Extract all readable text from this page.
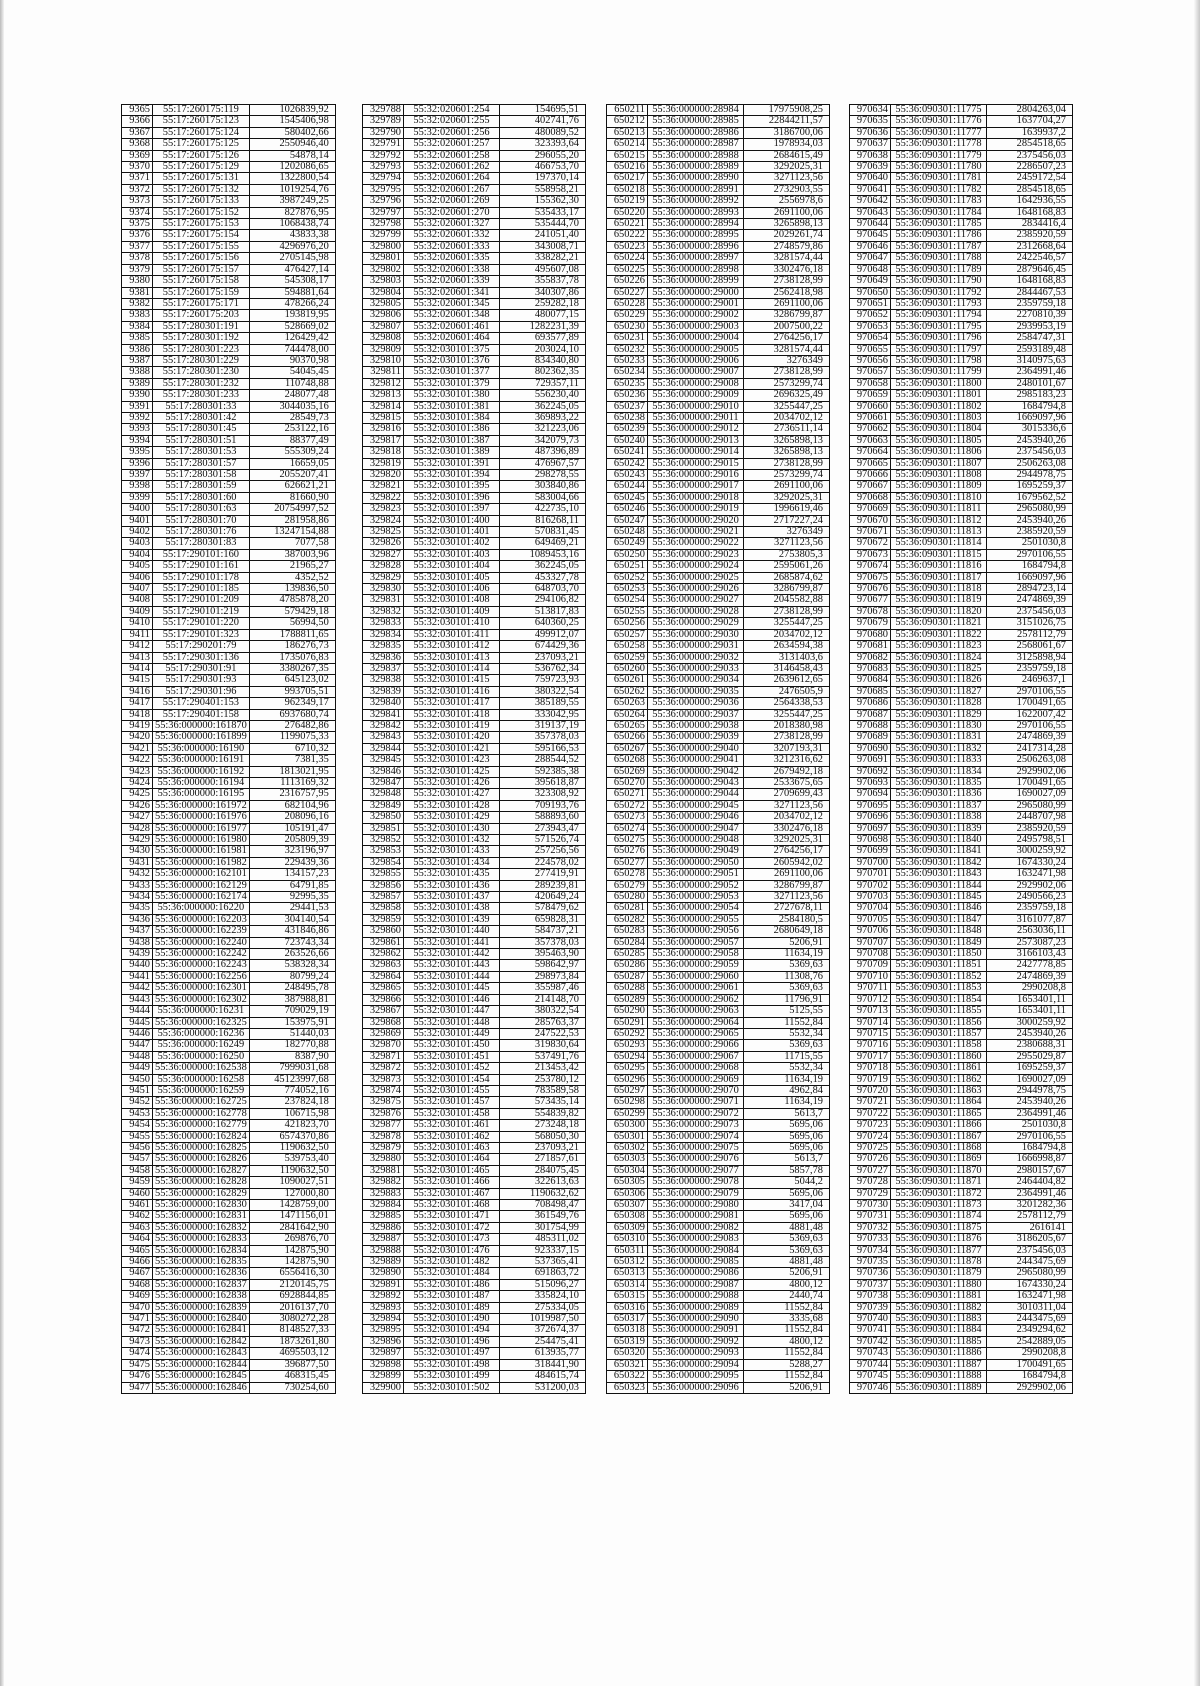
9365	55:17:260175:119	1026839,92
9366	55:17:260175:123	1545406,98
9367	55:17:260175:124	580402,66
9368	55:17:260175:125	2550946,40
9369	55:17:260175:126	54878,14
9370	55:17:260175:129	1202086,65
9371	55:17:260175:131	1322800,54
9372	55:17:260175:132	1019254,76
9373	55:17:260175:133	3987249,25
9374	55:17:260175:152	827876,95
9375	55:17:260175:153	1068438,74
9376	55:17:260175:154	43833,38
9377	55:17:260175:155	4296976,20
9378	55:17:260175:156	2705145,98
9379	55:17:260175:157	476427,14
9380	55:17:260175:158	545308,17
9381	55:17:260175:159	594881,64
9382	55:17:260175:171	478266,24
9383	55:17:260175:203	193819,95
9384	55:17:280301:191	528669,02
9385	55:17:280301:192	126429,42
9386	55:17:280301:223	744478,00
9387	55:17:280301:229	90370,98
9388	55:17:280301:230	54045,45
9389	55:17:280301:232	110748,88
9390	55:17:280301:233	248077,48
9391	55:17:280301:33	3044035,16
9392	55:17:280301:42	28549,73
9393	55:17:280301:45	253122,16
9394	55:17:280301:51	88377,49
9395	55:17:280301:53	555309,24
9396	55:17:280301:57	16659,05
9397	55:17:280301:58	2055207,41
9398	55:17:280301:59	626621,21
9399	55:17:280301:60	81660,90
9400	55:17:280301:63	20754997,52
9401	55:17:280301:70	281958,86
9402	55:17:280301:76	13247154,88
9403	55:17:280301:83	7077,58
9404	55:17:290101:160	387003,96
9405	55:17:290101:161	21965,27
9406	55:17:290101:178	4352,52
9407	55:17:290101:185	139836,50
9408	55:17:290101:209	4785878,20
9409	55:17:290101:219	579429,18
9410	55:17:290101:220	56994,50
9411	55:17:290101:323	1788811,65
9412	55:17:290201:79	186276,73
9413	55:17:290301:136	1735076,83
9414	55:17:290301:91	3380267,35
9415	55:17:290301:93	645123,02
9416	55:17:290301:96	993705,51
9417	55:17:290401:153	962349,17
9418	55:17:290401:158	6937680,74
9419	55:36:000000:161870	276482,86
9420	55:36:000000:161899	1199075,33
9421	55:36:000000:16190	6710,32
9422	55:36:000000:16191	7381,35
9423	55:36:000000:16192	1813021,95
9424	55:36:000000:16194	1113169,32
9425	55:36:000000:16195	2316757,95
9426	55:36:000000:161972	682104,96
9427	55:36:000000:161976	208096,16
9428	55:36:000000:161977	105191,47
9429	55:36:000000:161980	205809,39
9430	55:36:000000:161981	323196,97
9431	55:36:000000:161982	229439,36
9432	55:36:000000:162101	134157,23
9433	55:36:000000:162129	64791,85
9434	55:36:000000:162174	92995,35
9435	55:36:000000:16220	29441,53
9436	55:36:000000:162203	304140,54
9437	55:36:000000:162239	431846,86
9438	55:36:000000:162240	723743,34
9439	55:36:000000:162242	263526,66
9440	55:36:000000:162243	538328,34
9441	55:36:000000:162256	80799,24
9442	55:36:000000:162301	248495,78
9443	55:36:000000:162302	387988,81
9444	55:36:000000:16231	709029,19
9445	55:36:000000:162325	153975,91
9446	55:36:000000:16236	51440,03
9447	55:36:000000:16249	182770,88
9448	55:36:000000:16250	8387,90
9449	55:36:000000:162538	7999031,68
9450	55:36:000000:16258	45123997,68
9451	55:36:000000:16259	774052,16
9452	55:36:000000:162725	237824,18
9453	55:36:000000:162778	106715,98
9454	55:36:000000:162779	421823,70
9455	55:36:000000:162824	6574370,86
9456	55:36:000000:162825	1190632,50
9457	55:36:000000:162826	539753,40
9458	55:36:000000:162827	1190632,50
9459	55:36:000000:162828	1090027,51
9460	55:36:000000:162829	127000,80
9461	55:36:000000:162830	1428759,00
9462	55:36:000000:162831	1471156,01
9463	55:36:000000:162832	2841642,90
9464	55:36:000000:162833	269876,70
9465	55:36:000000:162834	142875,90
9466	55:36:000000:162835	142875,90
9467	55:36:000000:162836	6556416,30
9468	55:36:000000:162837	2120145,75
9469	55:36:000000:162838	6928844,85
9470	55:36:000000:162839	2016137,70
9471	55:36:000000:162840	3080272,28
9472	55:36:000000:162841	8148527,33
9473	55:36:000000:162842	1873261,80
9474	55:36:000000:162843	4695503,12
9475	55:36:000000:162844	396877,50
9476	55:36:000000:162845	468315,45
9477	55:36:000000:162846	730254,60
329788	55:32:020601:254	154695,51
329789	55:32:020601:255	402741,76
329790	55:32:020601:256	480089,52
329791	55:32:020601:257	323393,64
329792	55:32:020601:258	296055,20
329793	55:32:020601:262	466753,70
329794	55:32:020601:264	197370,14
329795	55:32:020601:267	558958,21
329796	55:32:020601:269	155362,30
329797	55:32:020601:270	535433,17
329798	55:32:020601:327	535444,70
329799	55:32:020601:332	241051,40
329800	55:32:020601:333	343008,71
329801	55:32:020601:335	338282,21
329802	55:32:020601:338	495607,08
329803	55:32:020601:339	355837,78
329804	55:32:020601:341	340307,86
329805	55:32:020601:345	259282,18
329806	55:32:020601:348	480077,15
329807	55:32:020601:461	1282231,39
329808	55:32:020601:464	693577,89
329809	55:32:030101:375	203024,10
329810	55:32:030101:376	834340,80
329811	55:32:030101:377	802362,35
329812	55:32:030101:379	729357,11
329813	55:32:030101:380	556230,40
329814	55:32:030101:381	362245,05
329815	55:32:030101:384	369893,22
329816	55:32:030101:386	321223,06
329817	55:32:030101:387	342079,73
329818	55:32:030101:389	487396,89
329819	55:32:030101:391	476967,57
329820	55:32:030101:394	298278,55
329821	55:32:030101:395	303840,86
329822	55:32:030101:396	583004,66
329823	55:32:030101:397	422735,10
329824	55:32:030101:400	816268,11
329825	55:32:030101:401	570831,45
329826	55:32:030101:402	649469,21
329827	55:32:030101:403	1089453,16
329828	55:32:030101:404	362245,05
329829	55:32:030101:405	453327,78
329830	55:32:030101:406	648703,70
329831	55:32:030101:408	294106,82
329832	55:32:030101:409	513817,83
329833	55:32:030101:410	640360,25
329834	55:32:030101:411	499912,07
329835	55:32:030101:412	674429,36
329836	55:32:030101:413	237093,21
329837	55:32:030101:414	536762,34
329838	55:32:030101:415	759723,93
329839	55:32:030101:416	380322,54
329840	55:32:030101:417	385189,55
329841	55:32:030101:418	333042,95
329842	55:32:030101:419	319137,19
329843	55:32:030101:420	357378,03
329844	55:32:030101:421	595166,53
329845	55:32:030101:423	288544,52
329846	55:32:030101:425	592385,38
329847	55:32:030101:426	395618,87
329848	55:32:030101:427	323308,92
329849	55:32:030101:428	709193,76
329850	55:32:030101:429	588893,60
329851	55:32:030101:430	273943,47
329852	55:32:030101:432	571526,74
329853	55:32:030101:433	257256,56
329854	55:32:030101:434	224578,02
329855	55:32:030101:435	277419,91
329856	55:32:030101:436	289239,81
329857	55:32:030101:437	420649,24
329858	55:32:030101:438	578479,62
329859	55:32:030101:439	659828,31
329860	55:32:030101:440	584737,21
329861	55:32:030101:441	357378,03
329862	55:32:030101:442	395463,90
329863	55:32:030101:443	598642,97
329864	55:32:030101:444	298973,84
329865	55:32:030101:445	355987,46
329866	55:32:030101:446	214148,70
329867	55:32:030101:447	380322,54
329868	55:32:030101:448	285763,37
329869	55:32:030101:449	247522,53
329870	55:32:030101:450	319830,64
329871	55:32:030101:451	537491,76
329872	55:32:030101:452	213453,42
329873	55:32:030101:454	253780,12
329874	55:32:030101:455	783589,58
329875	55:32:030101:457	573435,14
329876	55:32:030101:458	554839,82
329877	55:32:030101:461	273248,18
329878	55:32:030101:462	568050,30
329879	55:32:030101:463	237093,21
329880	55:32:030101:464	271857,61
329881	55:32:030101:465	284075,45
329882	55:32:030101:466	322613,63
329883	55:32:030101:467	1190632,62
329884	55:32:030101:468	708498,47
329885	55:32:030101:471	361549,76
329886	55:32:030101:472	301754,99
329887	55:32:030101:473	485311,02
329888	55:32:030101:476	923337,15
329889	55:32:030101:482	537365,41
329890	55:32:030101:484	691863,72
329891	55:32:030101:486	515096,27
329892	55:32:030101:487	335824,10
329893	55:32:030101:489	275334,05
329894	55:32:030101:490	1019987,50
329895	55:32:030101:494	372674,37
329896	55:32:030101:496	254475,41
329897	55:32:030101:497	613935,77
329898	55:32:030101:498	318441,90
329899	55:32:030101:499	484615,74
329900	55:32:030101:502	531200,03
650211	55:36:000000:28984	17975908,25
650212	55:36:000000:28985	22844211,57
650213	55:36:000000:28986	3186700,06
650214	55:36:000000:28987	1978934,03
650215	55:36:000000:28988	2684615,49
650216	55:36:000000:28989	3292025,31
650217	55:36:000000:28990	3271123,56
650218	55:36:000000:28991	2732903,55
650219	55:36:000000:28992	2556978,6
650220	55:36:000000:28993	2691100,06
650221	55:36:000000:28994	3265898,13
650222	55:36:000000:28995	2029261,74
650223	55:36:000000:28996	2748579,86
650224	55:36:000000:28997	3281574,44
650225	55:36:000000:28998	3302476,18
650226	55:36:000000:28999	2738128,99
650227	55:36:000000:29000	2562418,98
650228	55:36:000000:29001	2691100,06
650229	55:36:000000:29002	3286799,87
650230	55:36:000000:29003	2007500,22
650231	55:36:000000:29004	2764256,17
650232	55:36:000000:29005	3281574,44
650233	55:36:000000:29006	3276349
650234	55:36:000000:29007	2738128,99
650235	55:36:000000:29008	2573299,74
650236	55:36:000000:29009	2696325,49
650237	55:36:000000:29010	3255447,25
650238	55:36:000000:29011	2034702,12
650239	55:36:000000:29012	2736511,14
650240	55:36:000000:29013	3265898,13
650241	55:36:000000:29014	3265898,13
650242	55:36:000000:29015	2738128,99
650243	55:36:000000:29016	2573299,74
650244	55:36:000000:29017	2691100,06
650245	55:36:000000:29018	3292025,31
650246	55:36:000000:29019	1996619,46
650247	55:36:000000:29020	2717227,24
650248	55:36:000000:29021	3276349
650249	55:36:000000:29022	3271123,56
650250	55:36:000000:29023	2753805,3
650251	55:36:000000:29024	2595061,26
650252	55:36:000000:29025	2685874,62
650253	55:36:000000:29026	3286799,87
650254	55:36:000000:29027	2045582,88
650255	55:36:000000:29028	2738128,99
650256	55:36:000000:29029	3255447,25
650257	55:36:000000:29030	2034702,12
650258	55:36:000000:29031	2634594,38
650259	55:36:000000:29032	3131403,6
650260	55:36:000000:29033	3146458,43
650261	55:36:000000:29034	2639612,65
650262	55:36:000000:29035	2476505,9
650263	55:36:000000:29036	2564338,53
650264	55:36:000000:29037	3255447,25
650265	55:36:000000:29038	2018380,98
650266	55:36:000000:29039	2738128,99
650267	55:36:000000:29040	3207193,31
650268	55:36:000000:29041	3212316,62
650269	55:36:000000:29042	2679492,18
650270	55:36:000000:29043	2533675,65
650271	55:36:000000:29044	2709699,43
650272	55:36:000000:29045	3271123,56
650273	55:36:000000:29046	2034702,12
650274	55:36:000000:29047	3302476,18
650275	55:36:000000:29048	3292025,31
650276	55:36:000000:29049	2764256,17
650277	55:36:000000:29050	2605942,02
650278	55:36:000000:29051	2691100,06
650279	55:36:000000:29052	3286799,87
650280	55:36:000000:29053	3271123,56
650281	55:36:000000:29054	2727678,11
650282	55:36:000000:29055	2584180,5
650283	55:36:000000:29056	2680649,18
650284	55:36:000000:29057	5206,91
650285	55:36:000000:29058	11634,19
650286	55:36:000000:29059	5369,63
650287	55:36:000000:29060	11308,76
650288	55:36:000000:29061	5369,63
650289	55:36:000000:29062	11796,91
650290	55:36:000000:29063	5125,55
650291	55:36:000000:29064	11552,84
650292	55:36:000000:29065	5532,34
650293	55:36:000000:29066	5369,63
650294	55:36:000000:29067	11715,55
650295	55:36:000000:29068	5532,34
650296	55:36:000000:29069	11634,19
650297	55:36:000000:29070	4962,84
650298	55:36:000000:29071	11634,19
650299	55:36:000000:29072	5613,7
650300	55:36:000000:29073	5695,06
650301	55:36:000000:29074	5695,06
650302	55:36:000000:29075	5695,06
650303	55:36:000000:29076	5613,7
650304	55:36:000000:29077	5857,78
650305	55:36:000000:29078	5044,2
650306	55:36:000000:29079	5695,06
650307	55:36:000000:29080	3417,04
650308	55:36:000000:29081	5695,06
650309	55:36:000000:29082	4881,48
650310	55:36:000000:29083	5369,63
650311	55:36:000000:29084	5369,63
650312	55:36:000000:29085	4881,48
650313	55:36:000000:29086	5206,91
650314	55:36:000000:29087	4800,12
650315	55:36:000000:29088	2440,74
650316	55:36:000000:29089	11552,84
650317	55:36:000000:29090	3335,68
650318	55:36:000000:29091	11552,84
650319	55:36:000000:29092	4800,12
650320	55:36:000000:29093	11552,84
650321	55:36:000000:29094	5288,27
650322	55:36:000000:29095	11552,84
650323	55:36:000000:29096	5206,91
970634	55:36:090301:11775	2804263,04
970635	55:36:090301:11776	1637704,27
970636	55:36:090301:11777	1639937,2
970637	55:36:090301:11778	2854518,65
970638	55:36:090301:11779	2375456,03
970639	55:36:090301:11780	2286507,23
970640	55:36:090301:11781	2459172,54
970641	55:36:090301:11782	2854518,65
970642	55:36:090301:11783	1642936,55
970643	55:36:090301:11784	1648168,83
970644	55:36:090301:11785	2834416,4
970645	55:36:090301:11786	2385920,59
970646	55:36:090301:11787	2312668,64
970647	55:36:090301:11788	2422546,57
970648	55:36:090301:11789	2879646,45
970649	55:36:090301:11790	1648168,83
970650	55:36:090301:11792	2844467,53
970651	55:36:090301:11793	2359759,18
970652	55:36:090301:11794	2270810,39
970653	55:36:090301:11795	2939953,19
970654	55:36:090301:11796	2584747,31
970655	55:36:090301:11797	2593189,48
970656	55:36:090301:11798	3140975,63
970657	55:36:090301:11799	2364991,46
970658	55:36:090301:11800	2480101,67
970659	55:36:090301:11801	2985183,23
970660	55:36:090301:11802	1684794,8
970661	55:36:090301:11803	1669097,96
970662	55:36:090301:11804	3015336,6
970663	55:36:090301:11805	2453940,26
970664	55:36:090301:11806	2375456,03
970665	55:36:090301:11807	2506263,08
970666	55:36:090301:11808	2944978,75
970667	55:36:090301:11809	1695259,37
970668	55:36:090301:11810	1679562,52
970669	55:36:090301:11811	2965080,99
970670	55:36:090301:11812	2453940,26
970671	55:36:090301:11813	2385920,59
970672	55:36:090301:11814	2501030,8
970673	55:36:090301:11815	2970106,55
970674	55:36:090301:11816	1684794,8
970675	55:36:090301:11817	1669097,96
970676	55:36:090301:11818	2894723,14
970677	55:36:090301:11819	2474869,39
970678	55:36:090301:11820	2375456,03
970679	55:36:090301:11821	3151026,75
970680	55:36:090301:11822	2578112,79
970681	55:36:090301:11823	2568061,67
970682	55:36:090301:11824	3125898,94
970683	55:36:090301:11825	2359759,18
970684	55:36:090301:11826	2469637,1
970685	55:36:090301:11827	2970106,55
970686	55:36:090301:11828	1700491,65
970687	55:36:090301:11829	1622007,42
970688	55:36:090301:11830	2970106,55
970689	55:36:090301:11831	2474869,39
970690	55:36:090301:11832	2417314,28
970691	55:36:090301:11833	2506263,08
970692	55:36:090301:11834	2929902,06
970693	55:36:090301:11835	1700491,65
970694	55:36:090301:11836	1690027,09
970695	55:36:090301:11837	2965080,99
970696	55:36:090301:11838	2448707,98
970697	55:36:090301:11839	2385920,59
970698	55:36:090301:11840	2495798,51
970699	55:36:090301:11841	3000259,92
970700	55:36:090301:11842	1674330,24
970701	55:36:090301:11843	1632471,98
970702	55:36:090301:11844	2929902,06
970703	55:36:090301:11845	2490566,23
970704	55:36:090301:11846	2359759,18
970705	55:36:090301:11847	3161077,87
970706	55:36:090301:11848	2563036,11
970707	55:36:090301:11849	2573087,23
970708	55:36:090301:11850	3166103,43
970709	55:36:090301:11851	2427778,85
970710	55:36:090301:11852	2474869,39
970711	55:36:090301:11853	2990208,8
970712	55:36:090301:11854	1653401,11
970713	55:36:090301:11855	1653401,11
970714	55:36:090301:11856	3000259,92
970715	55:36:090301:11857	2453940,26
970716	55:36:090301:11858	2380688,31
970717	55:36:090301:11860	2955029,87
970718	55:36:090301:11861	1695259,37
970719	55:36:090301:11862	1690027,09
970720	55:36:090301:11863	2944978,75
970721	55:36:090301:11864	2453940,26
970722	55:36:090301:11865	2364991,46
970723	55:36:090301:11866	2501030,8
970724	55:36:090301:11867	2970106,55
970725	55:36:090301:11868	1684794,8
970726	55:36:090301:11869	1666998,87
970727	55:36:090301:11870	2980157,67
970728	55:36:090301:11871	2464404,82
970729	55:36:090301:11872	2364991,46
970730	55:36:090301:11873	3201282,36
970731	55:36:090301:11874	2578112,79
970732	55:36:090301:11875	2616141
970733	55:36:090301:11876	3186205,67
970734	55:36:090301:11877	2375456,03
970735	55:36:090301:11878	2443475,69
970736	55:36:090301:11879	2965080,99
970737	55:36:090301:11880	1674330,24
970738	55:36:090301:11881	1632471,98
970739	55:36:090301:11882	3010311,04
970740	55:36:090301:11883	2443475,69
970741	55:36:090301:11884	2349294,62
970742	55:36:090301:11885	2542889,05
970743	55:36:090301:11886	2990208,8
970744	55:36:090301:11887	1700491,65
970745	55:36:090301:11888	1684794,8
970746	55:36:090301:11889	2929902,06
